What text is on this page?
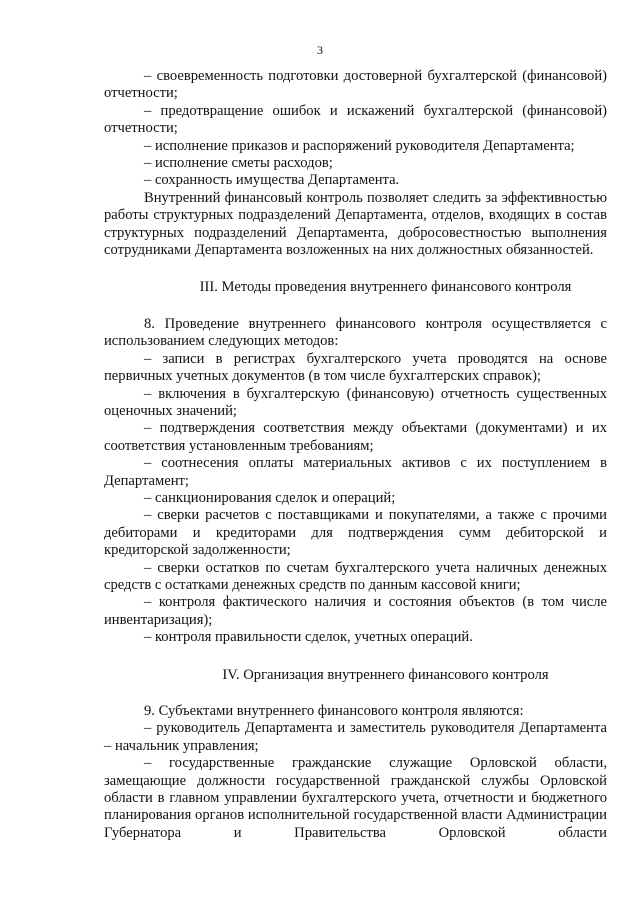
3

– своевременность подготовки достоверной бухгалтерской (финансовой) отчетности;

– предотвращение ошибок и искажений бухгалтерской (финансовой) отчетности;

– исполнение приказов и распоряжений руководителя Департамента;

– исполнение сметы расходов;

– сохранность имущества Департамента.

Внутренний финансовый контроль позволяет следить за эффективностью работы структурных подразделений Департамента, отделов, входящих в состав структурных подразделений Департамента, добросовестностью выполнения сотрудниками Департамента возложенных на них должностных обязанностей.

III. Методы проведения внутреннего финансового контроля

8. Проведение внутреннего финансового контроля осуществляется с использованием следующих методов:

– записи в регистрах бухгалтерского учета проводятся на основе первичных учетных документов (в том числе бухгалтерских справок);

– включения в бухгалтерскую (финансовую) отчетность существенных оценочных значений;

– подтверждения соответствия между объектами (документами) и их соответствия установленным требованиям;

– соотнесения оплаты материальных активов с их поступлением в Департамент;

– санкционирования сделок и операций;

– сверки расчетов с поставщиками и покупателями, а также с прочими дебиторами и кредиторами для подтверждения сумм дебиторской и кредиторской задолженности;

– сверки остатков по счетам бухгалтерского учета наличных денежных средств с остатками денежных средств по данным кассовой книги;

– контроля фактического наличия и состояния объектов (в том числе инвентаризация);

– контроля правильности сделок, учетных операций.

IV. Организация внутреннего финансового контроля

9. Субъектами внутреннего финансового контроля являются:

– руководитель Департамента и заместитель руководителя Департамента – начальник управления;

– государственные гражданские служащие Орловской области, замещающие должности государственной гражданской службы Орловской области в главном управлении бухгалтерского учета, отчетности и бюджетного планирования органов исполнительной государственной власти Администрации Губернатора и Правительства Орловской области
